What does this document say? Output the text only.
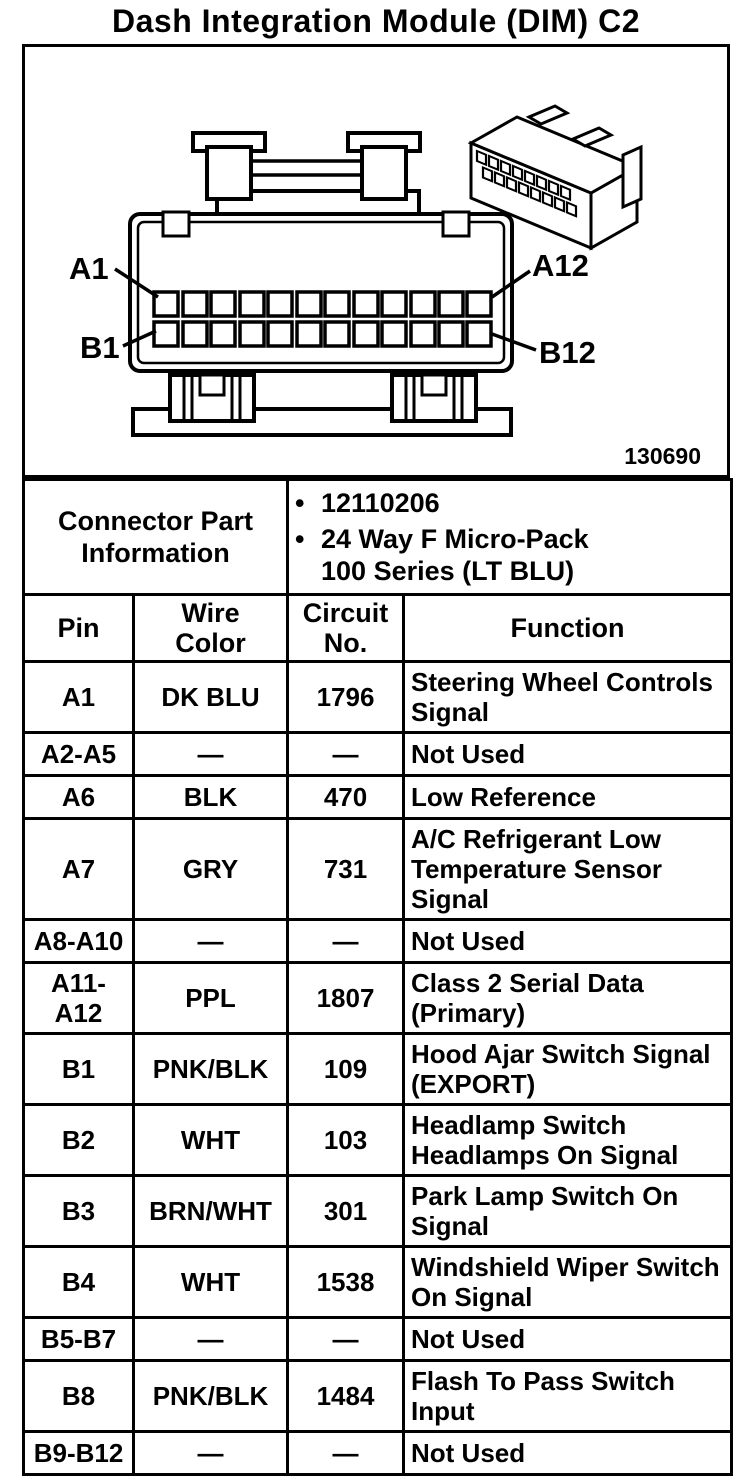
Dash Integration Module (DIM) C2
A1	A12
B1	B12
130690
Connector Part Information		• 12110206
• 24 Way F Micro-Pack
100 Series (LT BLU)	

Pin	Wire Color	Circuit No.	Function
A1	DK BLU	1796	Steering Wheel Controls Signal
A2-A5	—	—	Not Used
A6	BLK	470	Low Reference
A7	GRY	731	A/C Refrigerant Low Temperature Sensor Signal
A8-A10	—	—	Not Used
A11-A12	PPL	1807	Class 2 Serial Data (Primary)
B1	PNK/BLK	109	Hood Ajar Switch Signal (EXPORT)
B2	WHT	103	Headlamp Switch Headlamps On Signal
B3	BRN/WHT	301	Park Lamp Switch On Signal
B4	WHT	1538	Windshield Wiper Switch On Signal
B5-B7	—	—	Not Used
B8	PNK/BLK	1484	Flash To Pass Switch Input
B9-B12	—	—	Not Used
